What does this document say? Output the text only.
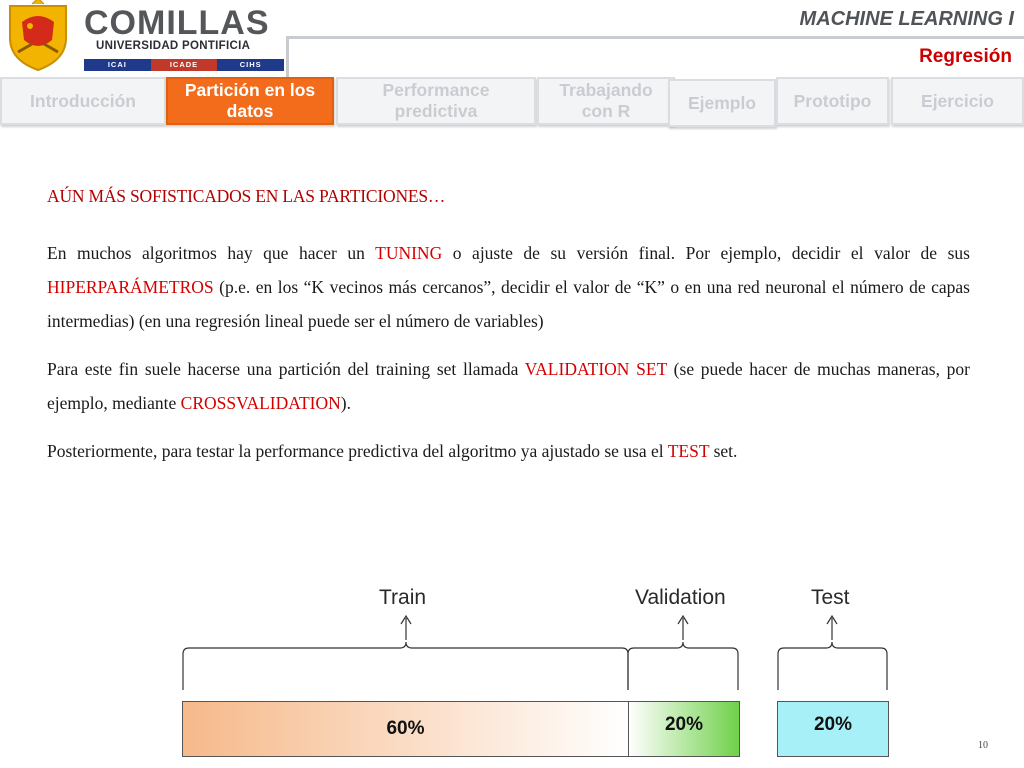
COMILLAS
UNIVERSIDAD PONTIFICIA
ICAI	ICADE	CIHS
MACHINE LEARNING I
Regresión
Introducción
Partición en los datos
Performance predictiva
Trabajando con R	Ejemplo Prototipo	Ejercicio
AÚN MÁS SOFISTICADOS EN LAS PARTICIONES…

En muchos algoritmos hay que hacer un TUNING o ajuste de su versión final. Por ejemplo, decidir el valor de sus HIPERPARÁMETROS (p.e. en los “K vecinos más cercanos”, decidir el valor de “K” o en una red neuronal el número de capas intermedias) (en una regresión lineal puede ser el número de variables)

Para este fin suele hacerse una partición del training set llamada VALIDATION SET (se puede hacer de muchas maneras, por ejemplo, mediante CROSSVALIDATION).

Posteriormente, para testar la performance predictiva del algoritmo ya ajustado se usa el TEST set.

Train	Validation	Test
60%	20%	20%
10
